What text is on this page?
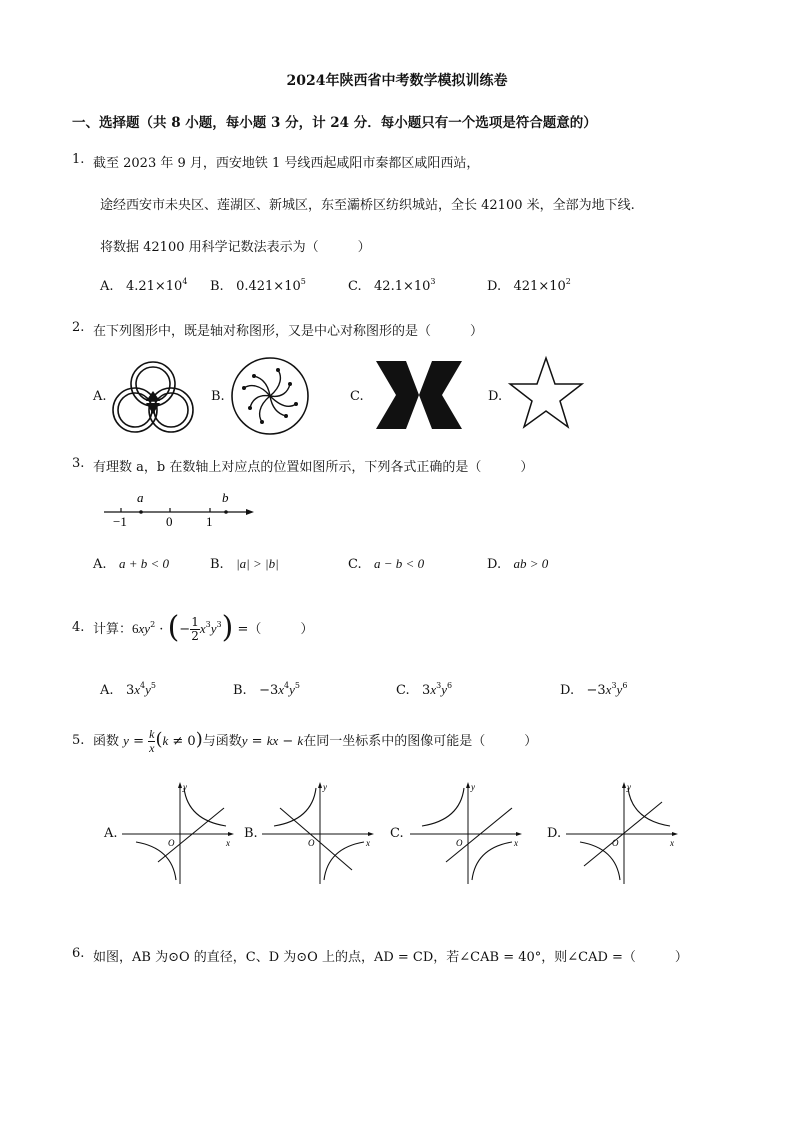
2024年陕西省中考数学模拟训练卷
一、选择题（共 8 小题，每小题 3 分，计 24 分．每小题只有一个选项是符合题意的）
1. 截至 2023 年 9 月，西安地铁 1 号线西起咸阳市秦都区咸阳西站，
途经西安市未央区、莲湖区、新城区，东至灞桥区纺织城站，全长 42100 米，全部为地下线.
将数据 42100 用科学记数法表示为（　　　）
A. $4.21\times 10^4$ B. $0.421\times 10^5$	C. $42.1\times 10^3$	D. $421\times 10^2$
2. 在下列图形中，既是轴对称图形，又是中心对称图形的是（　　　）
A.	B.	C.	D.
3. 有理数 a，b 在数轴上对应点的位置如图所示，下列各式正确的是（　　　）
a	b
−1	0	1
A. a + b < 0	B. |a| > |b|	C. a − b < 0	D. ab > 0
4. 计算：$6xy^2$ · (− $\frac{1}{2} x^3y^3$) =（　　　）
A. $3x^4y^5$	B. $-3x^4y^5$	C. $3x^3y^6$	D. $-3x^3y^6$
5. 函数 $y = \frac{k}{x} (k \ne 0)$与函数y = kx − k在同一坐标系中的图像可能是（　　　）
A.	B.	C.	D.
y
x
O
y
x
O
y
x
O
y
x
O
6. 如图，AB 为⊙O 的直径，C、D 为⊙O 上的点，AD = CD，若∠CAB = 40°，则∠CAD =（　　　）
